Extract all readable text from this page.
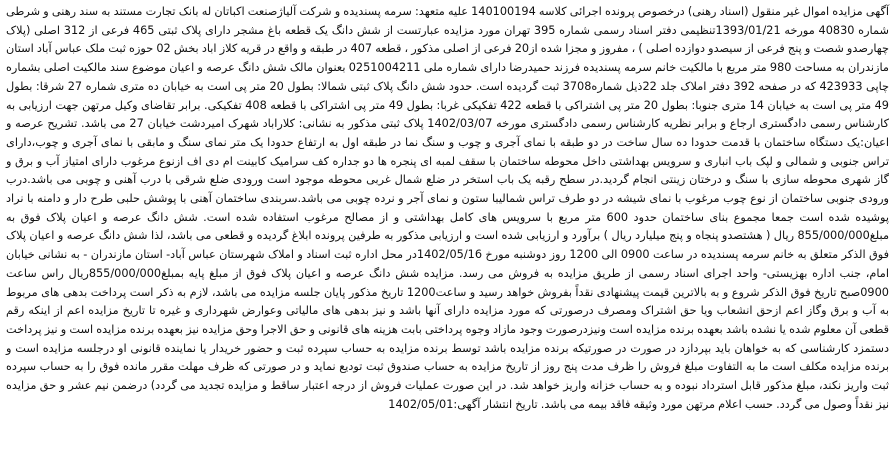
آگهی مزایده اموال غیر منقول (اسناد رهنی) درخصوص پرونده اجرائی کلاسه 140100194 علیه متعهد: سرمه پسندیده و شرکت آلیاژصنعت اکباتان له بانک تجارت مستند به سند رهنی و شرطی شماره 40830 مورخه 1393/01/21تنظیمی دفتر اسناد رسمی شماره 395 تهران مورد مزایده عبارتست از شش دانگ یک قطعه باغ مشجر دارای پلاک ثبتی 465 فرعی از 312 اصلی (پلاک چهارصدو شصت و پنج فرعی از سیصدو دوازده اصلی ) ، مفروز و مجزا شده از20 فرعی از اصلی مذکور ، قطعه 407 در طبقه و واقع در قریه کلاز اباد بخش 02 حوزه ثبت ملک عباس آباد استان مازندران به مساحت 980 متر مربع با مالکیت خانم سرمه پسندیده فرزند حمیدرضا دارای شماره ملی 0251004211 بعنوان مالک شش دانگ عرصه و اعیان موضوع سند مالکیت اصلی بشماره چاپی 423933 که در صفحه 392 دفتر املاک جلد 22ذیل شماره3708 ثبت گردیده است. حدود شش دانگ پلاک ثبتی شمالا: بطول 20 متر پی است به خیابان ده متری شماره 27 شرقا: بطول 49 متر پی است به خیابان 14 متری جنوبا: بطول 20 متر پی اشتراکی با قطعه 422 تفکیکی غربا: بطول 49 متر پی اشتراکی با قطعه 408 تفکیکی. برابر تقاضای وکیل مرتهن جهت ارزیابی به کارشناس رسمی دادگستری ارجاع و برابر نظریه کارشناس رسمی دادگستری مورخه 1402/03/07 پلاک ثبتی مذکور به نشانی: کلاراباد شهرک امیردشت خیابان 27 می باشد. تشریح عرصه و اعیان:یک دستگاه ساختمان با قدمت حدودا ده سال ساخت در دو طبقه با نمای آجری و چوب و سنگ نما در طبقه اول به ارتفاع حدودا یک متر نمای سنگ و مابقی با نمای آجری و چوب،دارای تراس جنوبی و شمالی و لپک باب انباری و سرویس بهداشتی داخل محوطه ساختمان با سقف لمبه ای پنجره ها دو جداره کف سرامیک کابینت ام دی اف ازنوع مرغوب دارای امتیاز آب و برق و گاز شهری محوطه سازی با سنگ و درختان زینتی انجام گردید.در سطح رقبه یک باب استخر در ضلع شمال غربی محوطه موجود است ورودی ضلع شرقی با درب آهنی و چوبی می باشد.درب ورودی جنوبی ساختمان از نوع چوب مرغوب با نمای شیشه در دو طرف تراس شمالیبا ستون و نمای آجر و نرده چوبی می باشد.سربندی ساختمان آهنی با پوشش حلبی طرح دار و دامنه با نراد پوشیده شده است جمعا مجموع بنای ساختمان حدود 600 متر مربع با سرویس های کامل بهداشتی و از مصالح مرغوب استفاده شده است. شش دانگ عرصه و اعیان پلاک فوق به مبلغ855/000/000 ریال ( هشتصدو پنجاه و پنج میلیارد ریال ) برآورد و ارزیابی شده است و ارزیابی مذکور به طرفین پرونده ابلاغ گردیده و قطعی می باشد، لذا شش دانگ عرصه و اعیان پلاک فوق الذکر متعلق به خانم سرمه پسندیده در ساعت 0900 الی 1200 روز دوشنبه مورخ 1402/05/16در محل اداره ثبت اسناد و املاک شهرستان عباس آباد- استان مازندران - به نشانی خیابان امام، جنب اداره بهزیستی- واحد اجرای اسناد رسمی از طریق مزایده به فروش می رسد. مزایده شش دانگ عرصه و اعیان پلاک فوق از مبلغ پایه بمبلغ855/000/000ریال راس ساعت 0900صبح تاریخ فوق الذکر شروع و به بالاترین قیمت پیشنهادی نقداً بفروش خواهد رسید و ساعت1200 تاریخ مذکور پایان جلسه مزایده می باشد، لازم به ذکر است پرداخت بدهی های مربوط به آب و برق وگاز اعم ازحق انشعاب ویا حق اشتراک ومصرف درصورتی که مورد مزایده دارای آنها باشد و نیز بدهی های مالیاتی وعوارض شهرداری و غیره تا تاریخ مزایده اعم از اینکه رقم قطعی آن معلوم شده یا نشده باشد بعهده برنده مزایده است ونیزدرصورت وجود مازاد وجوه پرداختی بابت هزینه های قانونی و حق الاجرا وحق مزایده نیز بعهده برنده مزایده است و نیز پرداخت دستمزد کارشناسی که به خواهان باید بپردازد در صورت در صورتیکه برنده مزایده باشد توسط برنده مزایده به حساب سپرده ثبت و حضور خریدار یا نماینده قانونی او درجلسه مزایده است و برنده مزایده مکلف است ما به التفاوت مبلغ فروش را ظرف مدت پنج روز از تاریخ مزایده به حساب صندوق ثبت تودیع نماید و در صورتی که ظرف مهلت مقرر مانده فوق را به حساب سپرده ثبت واریز نکند، مبلغ مذکور قابل استرداد نبوده و به حساب خزانه واریز خواهد شد. در این صورت عملیات فروش از درجه اعتبار ساقط و مزایده تجدید می گردد) درضمن نیم عشر و حق مزایده نیز نقداً وصول می گردد. حسب اعلام مرتهن مورد وثیقه فاقد بیمه می باشد. تاریخ انتشار آگهی:1402/05/01
